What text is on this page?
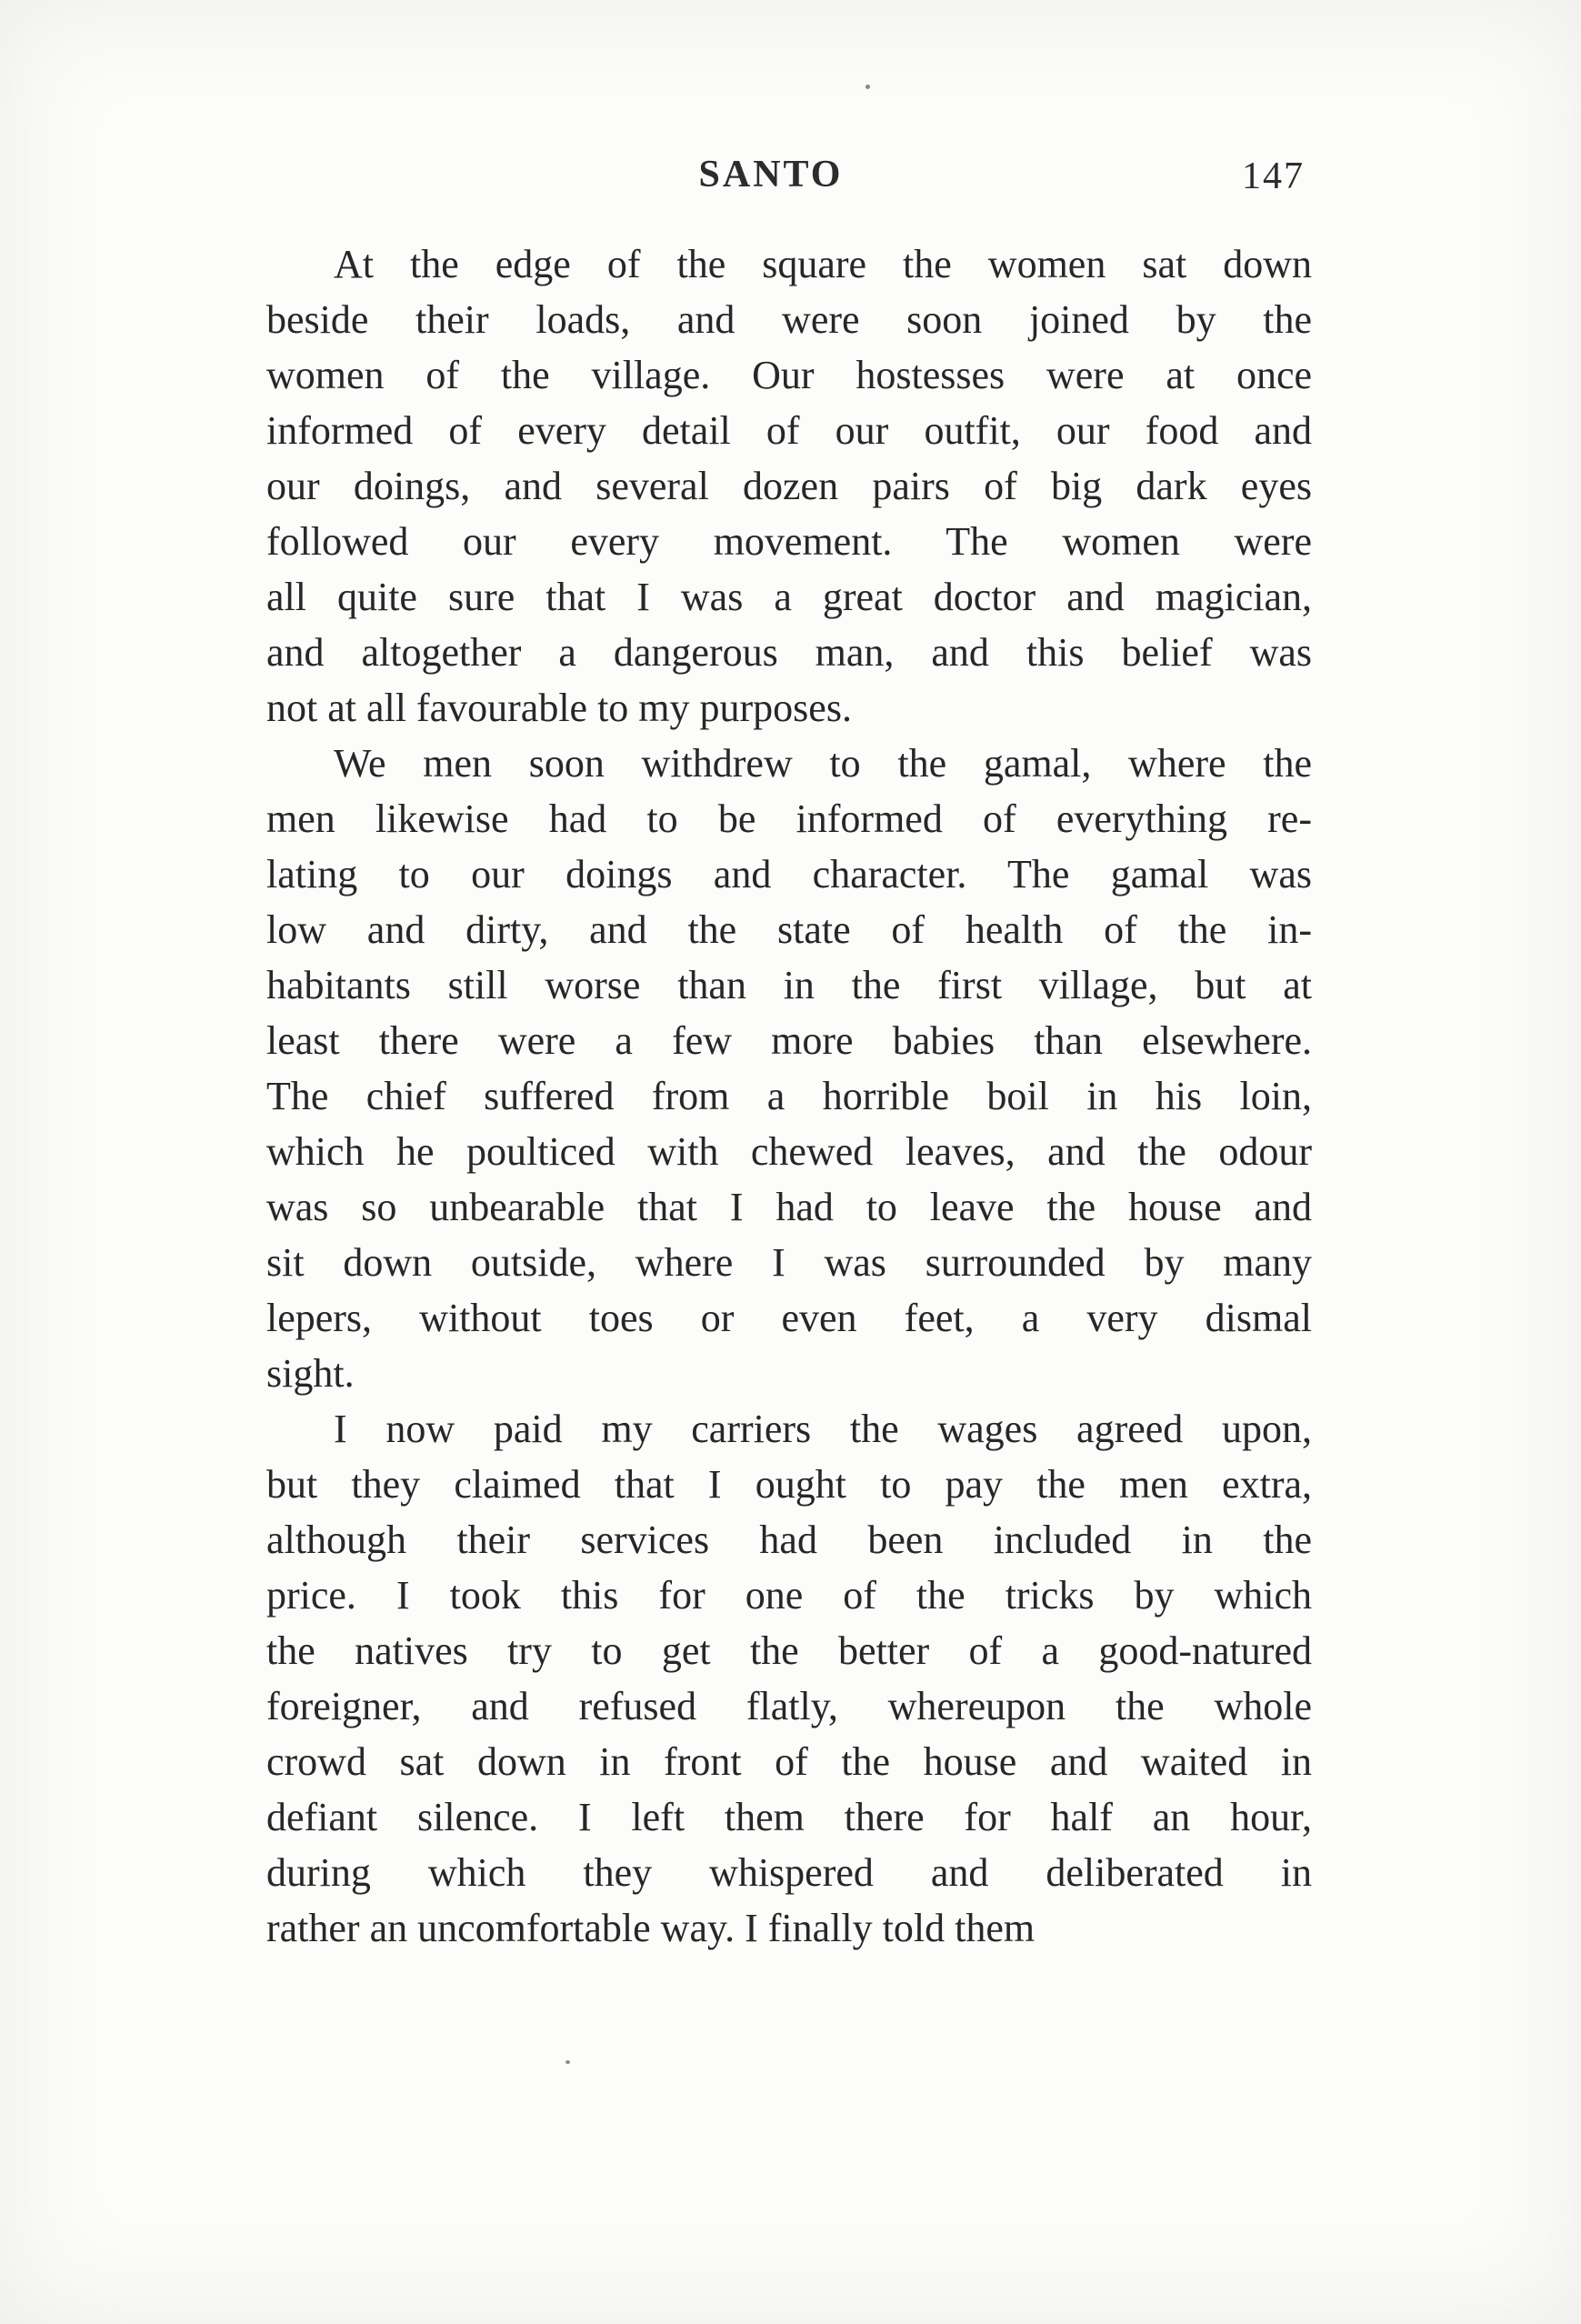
SANTO	147
At the edge of the square the women sat down
beside their loads, and were soon joined by the
women of the village. Our hostesses were at once
informed of every detail of our outfit, our food and
our doings, and several dozen pairs of big dark eyes
followed our every movement. The women were
all quite sure that I was a great doctor and magician,
and altogether a dangerous man, and this belief was
not at all favourable to my purposes.
We men soon withdrew to the gamal, where the
men likewise had to be informed of everything re-
lating to our doings and character. The gamal was
low and dirty, and the state of health of the in-
habitants still worse than in the first village, but at
least there were a few more babies than elsewhere.
The chief suffered from a horrible boil in his loin,
which he poulticed with chewed leaves, and the odour
was so unbearable that I had to leave the house and
sit down outside, where I was surrounded by many
lepers, without toes or even feet, a very dismal
sight.
I now paid my carriers the wages agreed upon,
but they claimed that I ought to pay the men extra,
although their services had been included in the
price. I took this for one of the tricks by which
the natives try to get the better of a good-natured
foreigner, and refused flatly, whereupon the whole
crowd sat down in front of the house and waited in
defiant silence. I left them there for half an hour,
during which they whispered and deliberated in
rather an uncomfortable way. I finally told them
